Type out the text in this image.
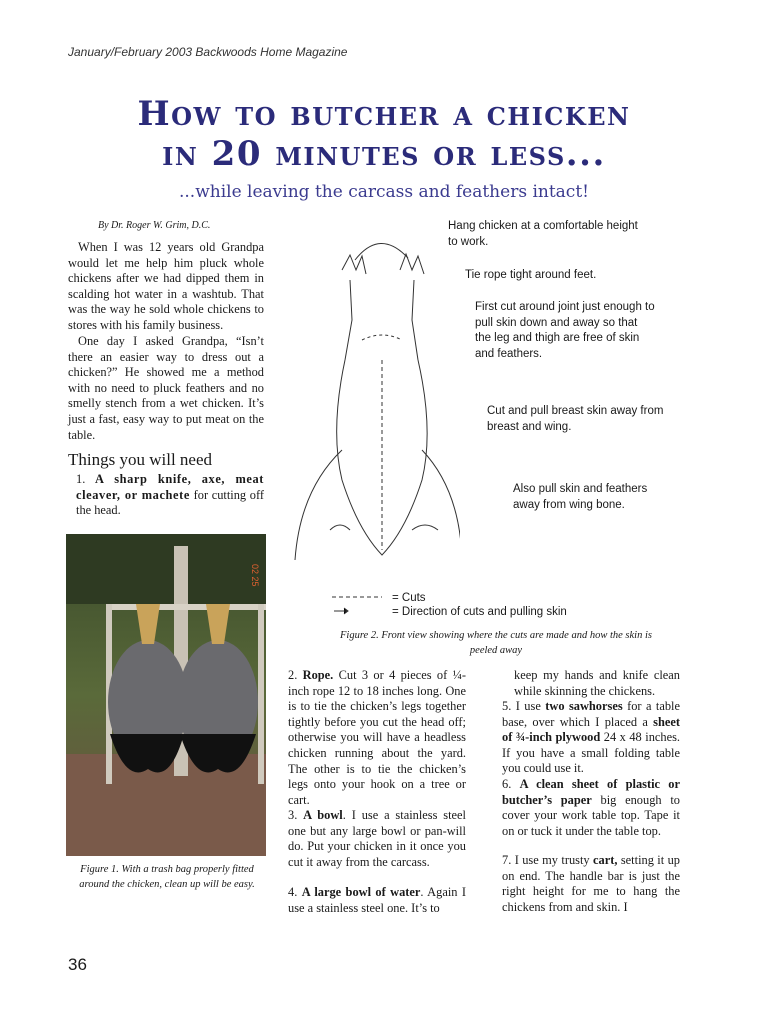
January/February 2003 Backwoods Home Magazine
How to butcher a chicken
in 20 minutes or less...
...while leaving the carcass and feathers intact!
By Dr. Roger W. Grim, D.C.
When I was 12 years old Grandpa would let me help him pluck whole chickens after we had dipped them in scalding hot water in a washtub. That was the way he sold whole chickens to stores with his family business.
One day I asked Grandpa, “Isn’t there an easier way to dress out a chicken?” He showed me a method with no need to pluck feathers and no smelly stench from a wet chicken. It’s just a fast, easy way to put meat on the table.
Things you will need
1. A sharp knife, axe, meat cleaver, or machete for cutting off the head.
02 25
Figure 1. With a trash bag properly fitted around the chicken, clean up will be easy.
Hang chicken at a comfortable height to work.
Tie rope tight around feet.
First cut around joint just enough to pull skin down and away so that the leg and thigh are free of skin and feathers.
Cut and pull breast skin away from breast and wing.
Also pull skin and feathers away from wing bone.
= Cuts
= Direction of cuts and pulling skin
Figure 2. Front view showing where the cuts are made and how the skin is peeled away
2. Rope. Cut 3 or 4 pieces of ¼-inch rope 12 to 18 inches long. One is to tie the chicken’s legs together tightly before you cut the head off; otherwise you will have a headless chicken running about the yard. The other is to tie the chicken’s legs onto your hook on a tree or cart.
3. A bowl. I use a stainless steel one but any large bowl or pan-will do. Put your chicken in it once you cut it away from the carcass.
4. A large bowl of water. Again I use a stainless steel one. It’s to
keep my hands and knife clean while skinning the chickens.
5. I use two sawhorses for a table base, over which I placed a sheet of ¾-inch plywood 24 x 48 inches. If you have a small folding table you could use it.
6. A clean sheet of plastic or butcher’s paper big enough to cover your work table top. Tape it on or tuck it under the table top.
7. I use my trusty cart, setting it up on end. The handle bar is just the right height for me to hang the chickens from and skin. I
36
